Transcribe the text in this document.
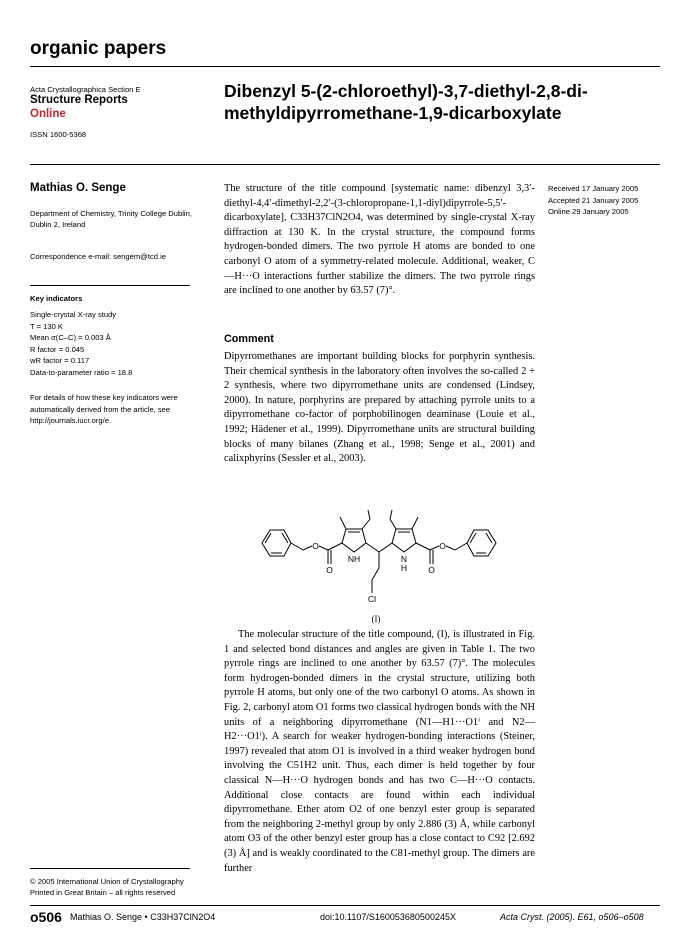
organic papers
Acta Crystallographica Section E
Structure Reports
Online
ISSN 1600-5368
Dibenzyl 5-(2-chloroethyl)-3,7-diethyl-2,8-di-
methyldipyrromethane-1,9-dicarboxylate
Mathias O. Senge
Department of Chemistry, Trinity College Dublin, Dublin 2, Ireland
Correspondence e-mail: sengem@tcd.ie
Key indicators
Single-crystal X-ray study
T = 130 K
Mean σ(C–C) = 0.003 Å
R factor = 0.045
wR factor = 0.117
Data-to-parameter ratio = 18.8
For details of how these key indicators were automatically derived from the article, see http://journals.iucr.org/e.
Received 17 January 2005
Accepted 21 January 2005
Online 29 January 2005
The structure of the title compound [systematic name: dibenzyl 3,3′-diethyl-4,4′-dimethyl-2,2′-(3-chloropropane-1,1-diyl)dipyrrole-5,5′-dicarboxylate], C33H37ClN2O4, was determined by single-crystal X-ray diffraction at 130 K. In the crystal structure, the compound forms hydrogen-bonded dimers. The two pyrrole H atoms are bonded to one carbonyl O atom of a symmetry-related molecule. Additional, weaker, C—H···O interactions further stabilize the dimers. The two pyrrole rings are inclined to one another by 63.57 (7)°.
Comment
Dipyrromethanes are important building blocks for porphyrin synthesis. Their chemical synthesis in the laboratory often involves the so-called 2 + 2 synthesis, where two dipyrromethane units are condensed (Lindsey, 2000). In nature, porphyrins are prepared by attaching pyrrole units to a dipyrromethane co-factor of porphobilinogen deaminase (Louie et al., 1992; Hädener et al., 1999). Dipyrromethane units are structural building blocks of many bilanes (Zhang et al., 1998; Senge et al., 2001) and calixphyrins (Sessler et al., 2003).
O
O
NH	N
H O
O
Cl
(I)
The molecular structure of the title compound, (I), is illustrated in Fig. 1 and selected bond distances and angles are given in Table 1. The two pyrrole rings are inclined to one another by 63.57 (7)°. The molecules form hydrogen-bonded dimers in the crystal structure, utilizing both pyrrole H atoms, but only one of the two carbonyl O atoms. As shown in Fig. 2, carbonyl atom O1 forms two classical hydrogen bonds with the NH units of a neighboring dipyrromethane (N1—H1···O1ⁱ and N2—H2···O1ⁱ). A search for weaker hydrogen-bonding interactions (Steiner, 1997) revealed that atom O1 is involved in a third weaker hydrogen bond involving the C51H2 unit. Thus, each dimer is held together by four classical N—H···O hydrogen bonds and has two C—H···O contacts. Additional close contacts are found within each individual dipyrromethane. Ether atom O2 of one benzyl ester group is separated from the neighboring 2-methyl group by only 2.886 (3) Å, while carbonyl atom O3 of the other benzyl ester group has a close contact to C92 [2.692 (3) Å] and is weakly coordinated to the C81-methyl group. The dimers are further
© 2005 International Union of Crystallography
Printed in Great Britain – all rights reserved
o506 Mathias O. Senge • C33H37ClN2O4	doi:10.1107/S160053680500245X	Acta Cryst. (2005). E61, o506–o508
